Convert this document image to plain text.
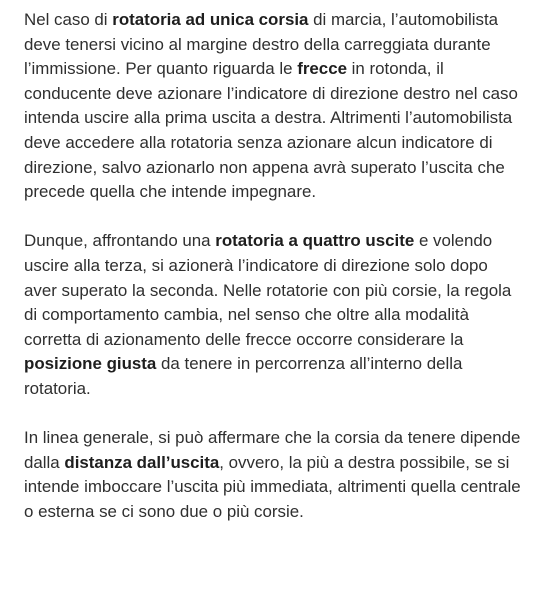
Nel caso di rotatoria ad unica corsia di marcia, l’automobilista deve tenersi vicino al margine destro della carreggiata durante l’immissione. Per quanto riguarda le frecce in rotonda, il conducente deve azionare l’indicatore di direzione destro nel caso intenda uscire alla prima uscita a destra. Altrimenti l’automobilista deve accedere alla rotatoria senza azionare alcun indicatore di direzione, salvo azionarlo non appena avrà superato l’uscita che precede quella che intende impegnare.

Dunque, affrontando una rotatoria a quattro uscite e volendo uscire alla terza, si azionerà l’indicatore di direzione solo dopo aver superato la seconda. Nelle rotatorie con più corsie, la regola di comportamento cambia, nel senso che oltre alla modalità corretta di azionamento delle frecce occorre considerare la posizione giusta da tenere in percorrenza all’interno della rotatoria.

In linea generale, si può affermare che la corsia da tenere dipende dalla distanza dall’uscita, ovvero, la più a destra possibile, se si intende imboccare l’uscita più immediata, altrimenti quella centrale o esterna se ci sono due o più corsie.
